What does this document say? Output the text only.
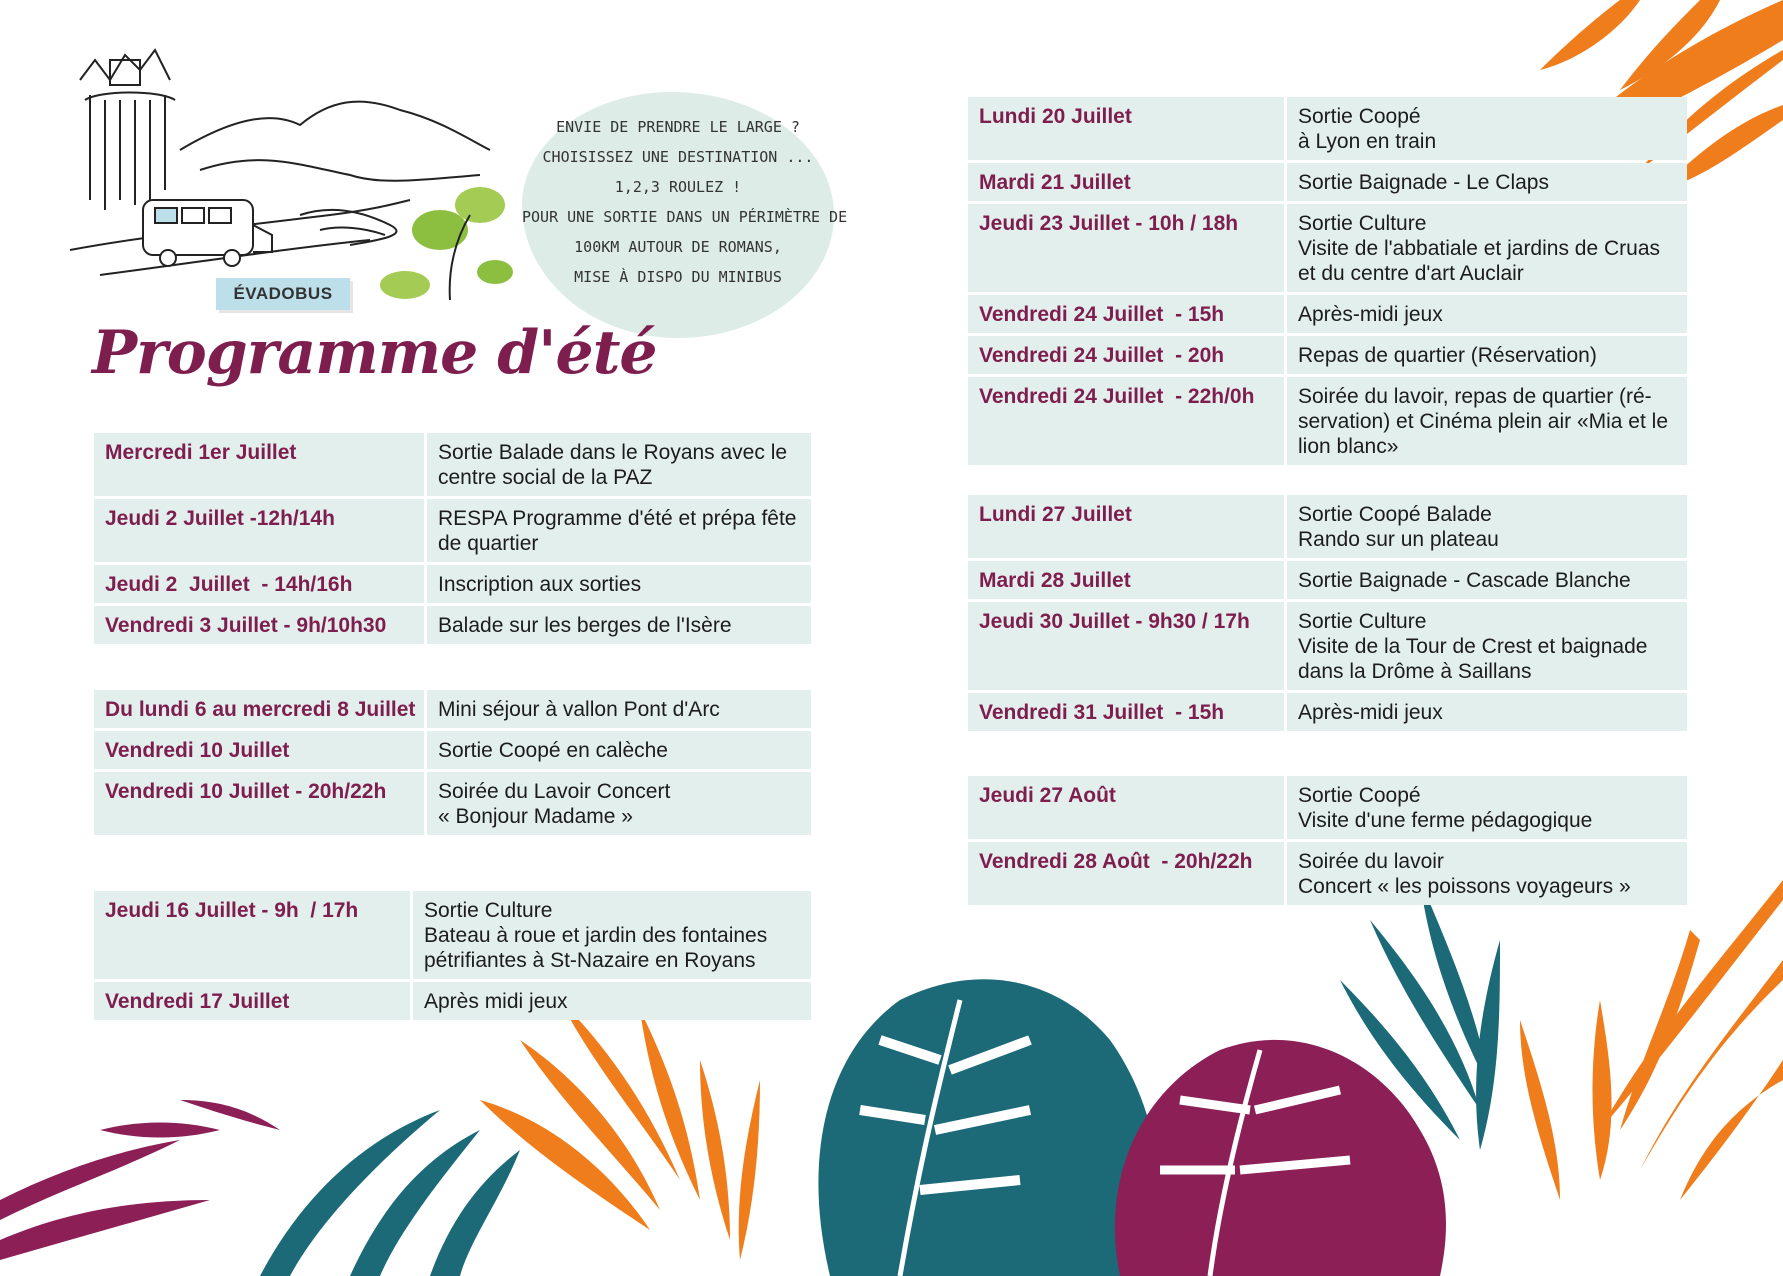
ÉVADOBUS
ENVIE DE PRENDRE LE LARGE ?
CHOISISSEZ UNE DESTINATION ...
1,2,3 ROULEZ !
POUR UNE SORTIE DANS UN PÉRIMÈTRE DE
100KM AUTOUR DE ROMANS,
MISE À DISPO DU MINIBUS
Programme d'été
Mercredi 1er Juillet	Sortie Balade dans le Royans avec le
centre social de la PAZ
Jeudi 2 Juillet -12h/14h	RESPA Programme d'été et prépa fête
de quartier
Jeudi 2  Juillet  - 14h/16h	Inscription aux sorties
Vendredi 3 Juillet - 9h/10h30	Balade sur les berges de l'Isère
Du lundi 6 au mercredi 8 Juillet	Mini séjour à vallon Pont d'Arc
Vendredi 10 Juillet	Sortie Coopé en calèche
Vendredi 10 Juillet - 20h/22h	Soirée du Lavoir Concert
« Bonjour Madame »
Jeudi 16 Juillet - 9h  / 17h	Sortie Culture
Bateau à roue et jardin des fontaines
pétrifiantes à St-Nazaire en Royans
Vendredi 17 Juillet	Après midi jeux
Lundi 20 Juillet	Sortie Coopé
à Lyon en train
Mardi 21 Juillet	Sortie Baignade - Le Claps
Jeudi 23 Juillet - 10h / 18h	Sortie Culture
Visite de l'abbatiale et jardins de Cruas
et du centre d'art Auclair
Vendredi 24 Juillet  - 15h	Après-midi jeux
Vendredi 24 Juillet  - 20h	Repas de quartier (Réservation)
Vendredi 24 Juillet  - 22h/0h	Soirée du lavoir, repas de quartier (ré-
servation) et Cinéma plein air «Mia et le
lion blanc»
Lundi 27 Juillet	Sortie Coopé Balade
Rando sur un plateau
Mardi 28 Juillet	Sortie Baignade - Cascade Blanche
Jeudi 30 Juillet - 9h30 / 17h	Sortie Culture
Visite de la Tour de Crest et baignade
dans la Drôme à Saillans
Vendredi 31 Juillet  - 15h	Après-midi jeux
Jeudi 27 Août	Sortie Coopé
Visite d'une ferme pédagogique
Vendredi 28 Août  - 20h/22h	Soirée du lavoir
Concert « les poissons voyageurs »
